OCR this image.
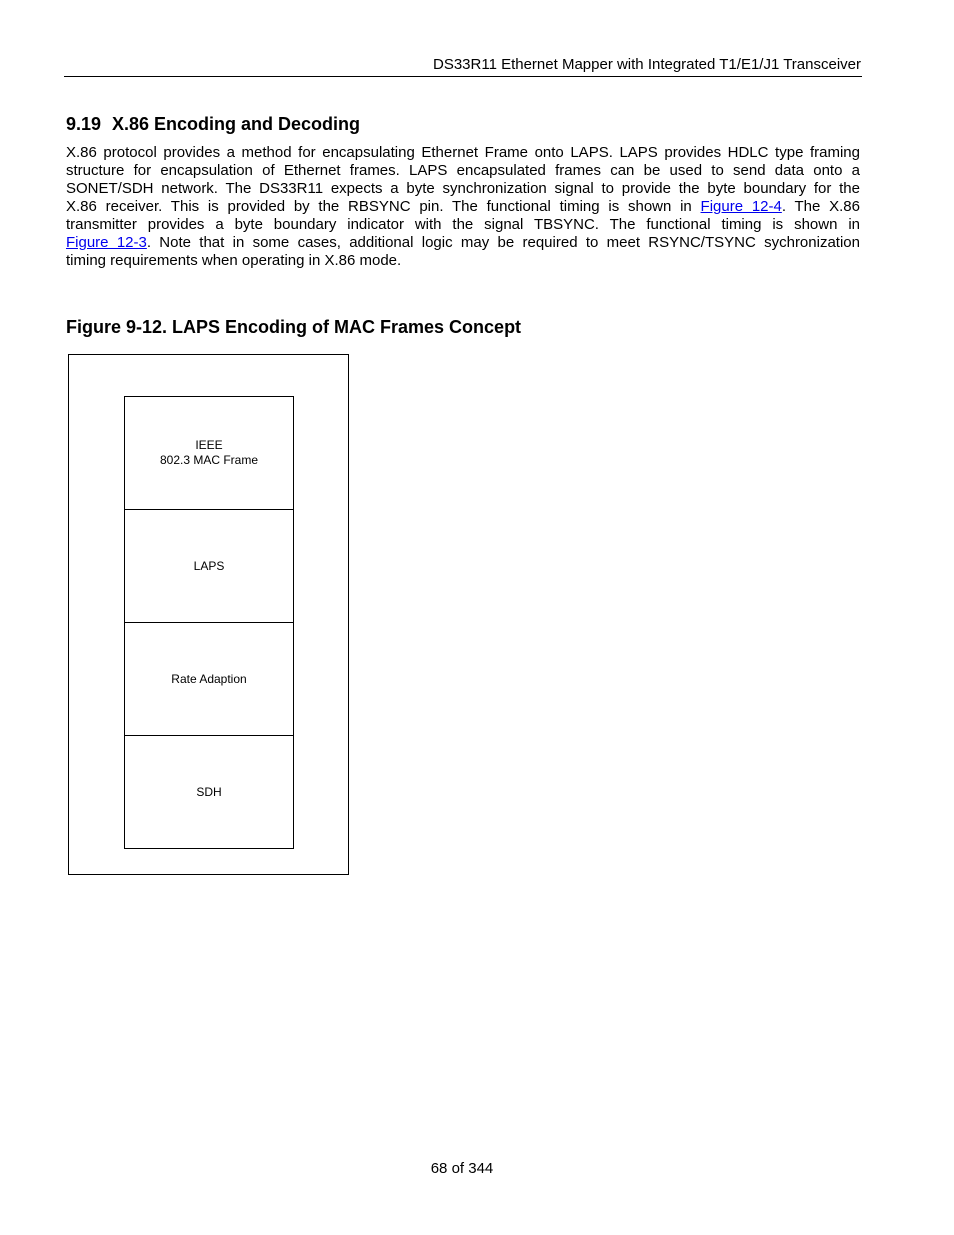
DS33R11 Ethernet Mapper with Integrated T1/E1/J1 Transceiver
9.19 X.86 Encoding and Decoding
X.86 protocol provides a method for encapsulating Ethernet Frame onto LAPS. LAPS provides HDLC type framing
structure for encapsulation of Ethernet frames. LAPS encapsulated frames can be used to send data onto a
SONET/SDH network. The DS33R11 expects a byte synchronization signal to provide the byte boundary for the
X.86 receiver. This is provided by the RBSYNC pin. The functional timing is shown in Figure 12-4. The X.86
transmitter provides a byte boundary indicator with the signal TBSYNC. The functional timing is shown in
Figure 12-3. Note that in some cases, additional logic may be required to meet RSYNC/TSYNC sychronization
timing requirements when operating in X.86 mode.
Figure 9-12. LAPS Encoding of MAC Frames Concept
IEEE
802.3 MAC Frame
LAPS
Rate Adaption
SDH
68 of 344
